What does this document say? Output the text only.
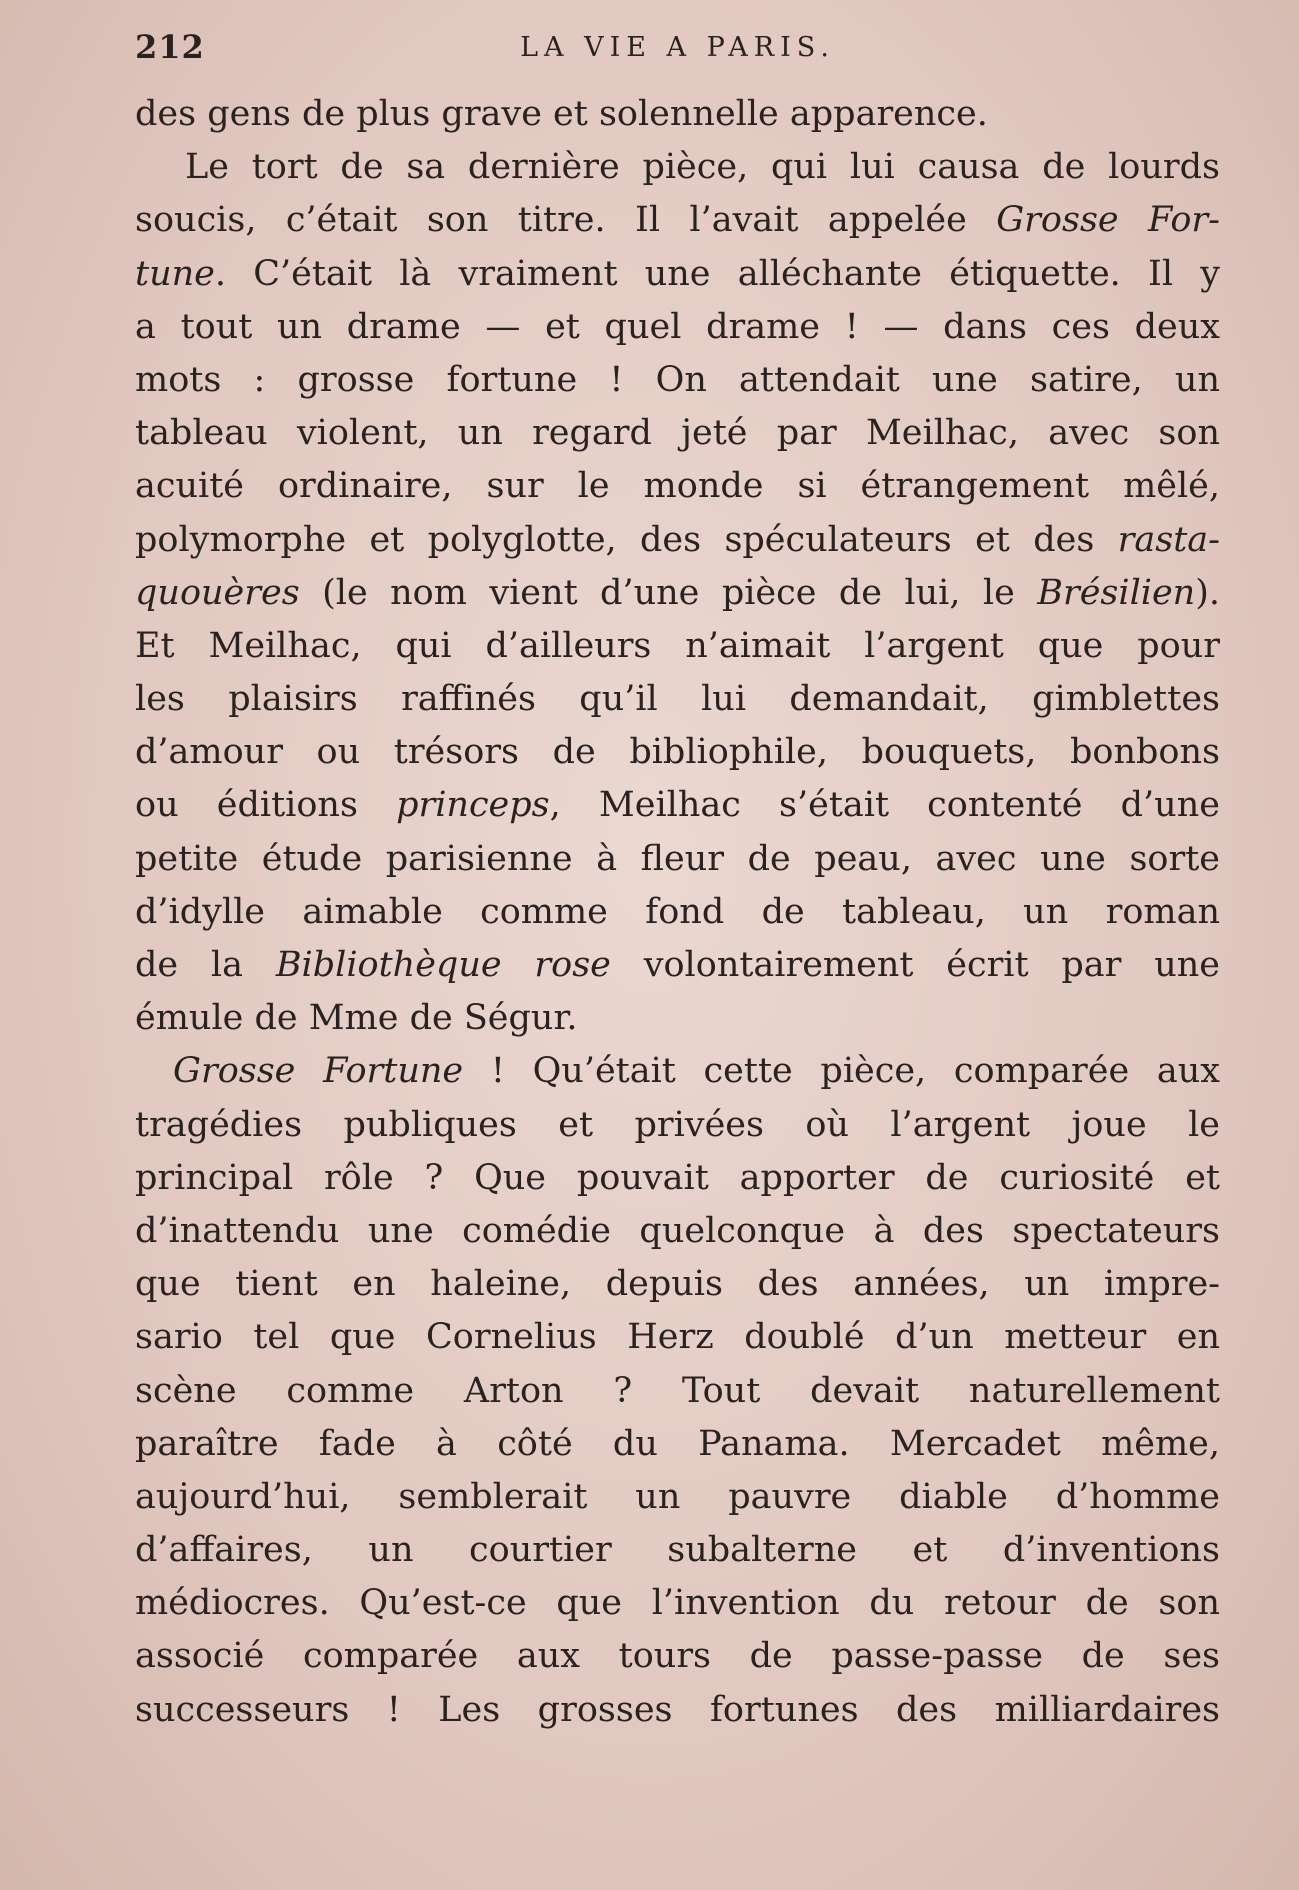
212	LA VIE A PARIS.
des gens de plus grave et solennelle apparence.
Le tort de sa dernière pièce, qui lui causa de lourds
soucis, c’était son titre. Il l’avait appelée Grosse For-
tune. C’était là vraiment une alléchante étiquette. Il y
a tout un drame — et quel drame ! — dans ces deux
mots : grosse fortune ! On attendait une satire, un
tableau violent, un regard jeté par Meilhac, avec son
acuité ordinaire, sur le monde si étrangement mêlé,
polymorphe et polyglotte, des spéculateurs et des rasta-
quouères (le nom vient d’une pièce de lui, le Brésilien).
Et Meilhac, qui d’ailleurs n’aimait l’argent que pour
les plaisirs raffinés qu’il lui demandait, gimblettes
d’amour ou trésors de bibliophile, bouquets, bonbons
ou éditions princeps, Meilhac s’était contenté d’une
petite étude parisienne à fleur de peau, avec une sorte
d’idylle aimable comme fond de tableau, un roman
de la Bibliothèque rose volontairement écrit par une
émule de Mme de Ségur.
Grosse Fortune ! Qu’était cette pièce, comparée aux
tragédies publiques et privées où l’argent joue le
principal rôle ? Que pouvait apporter de curiosité et
d’inattendu une comédie quelconque à des spectateurs
que tient en haleine, depuis des années, un impre-
sario tel que Cornelius Herz doublé d’un metteur en
scène comme Arton ? Tout devait naturellement
paraître fade à côté du Panama. Mercadet même,
aujourd’hui, semblerait un pauvre diable d’homme
d’affaires, un courtier subalterne et d’inventions
médiocres. Qu’est-ce que l’invention du retour de son
associé comparée aux tours de passe-passe de ses
successeurs ! Les grosses fortunes des milliardaires
